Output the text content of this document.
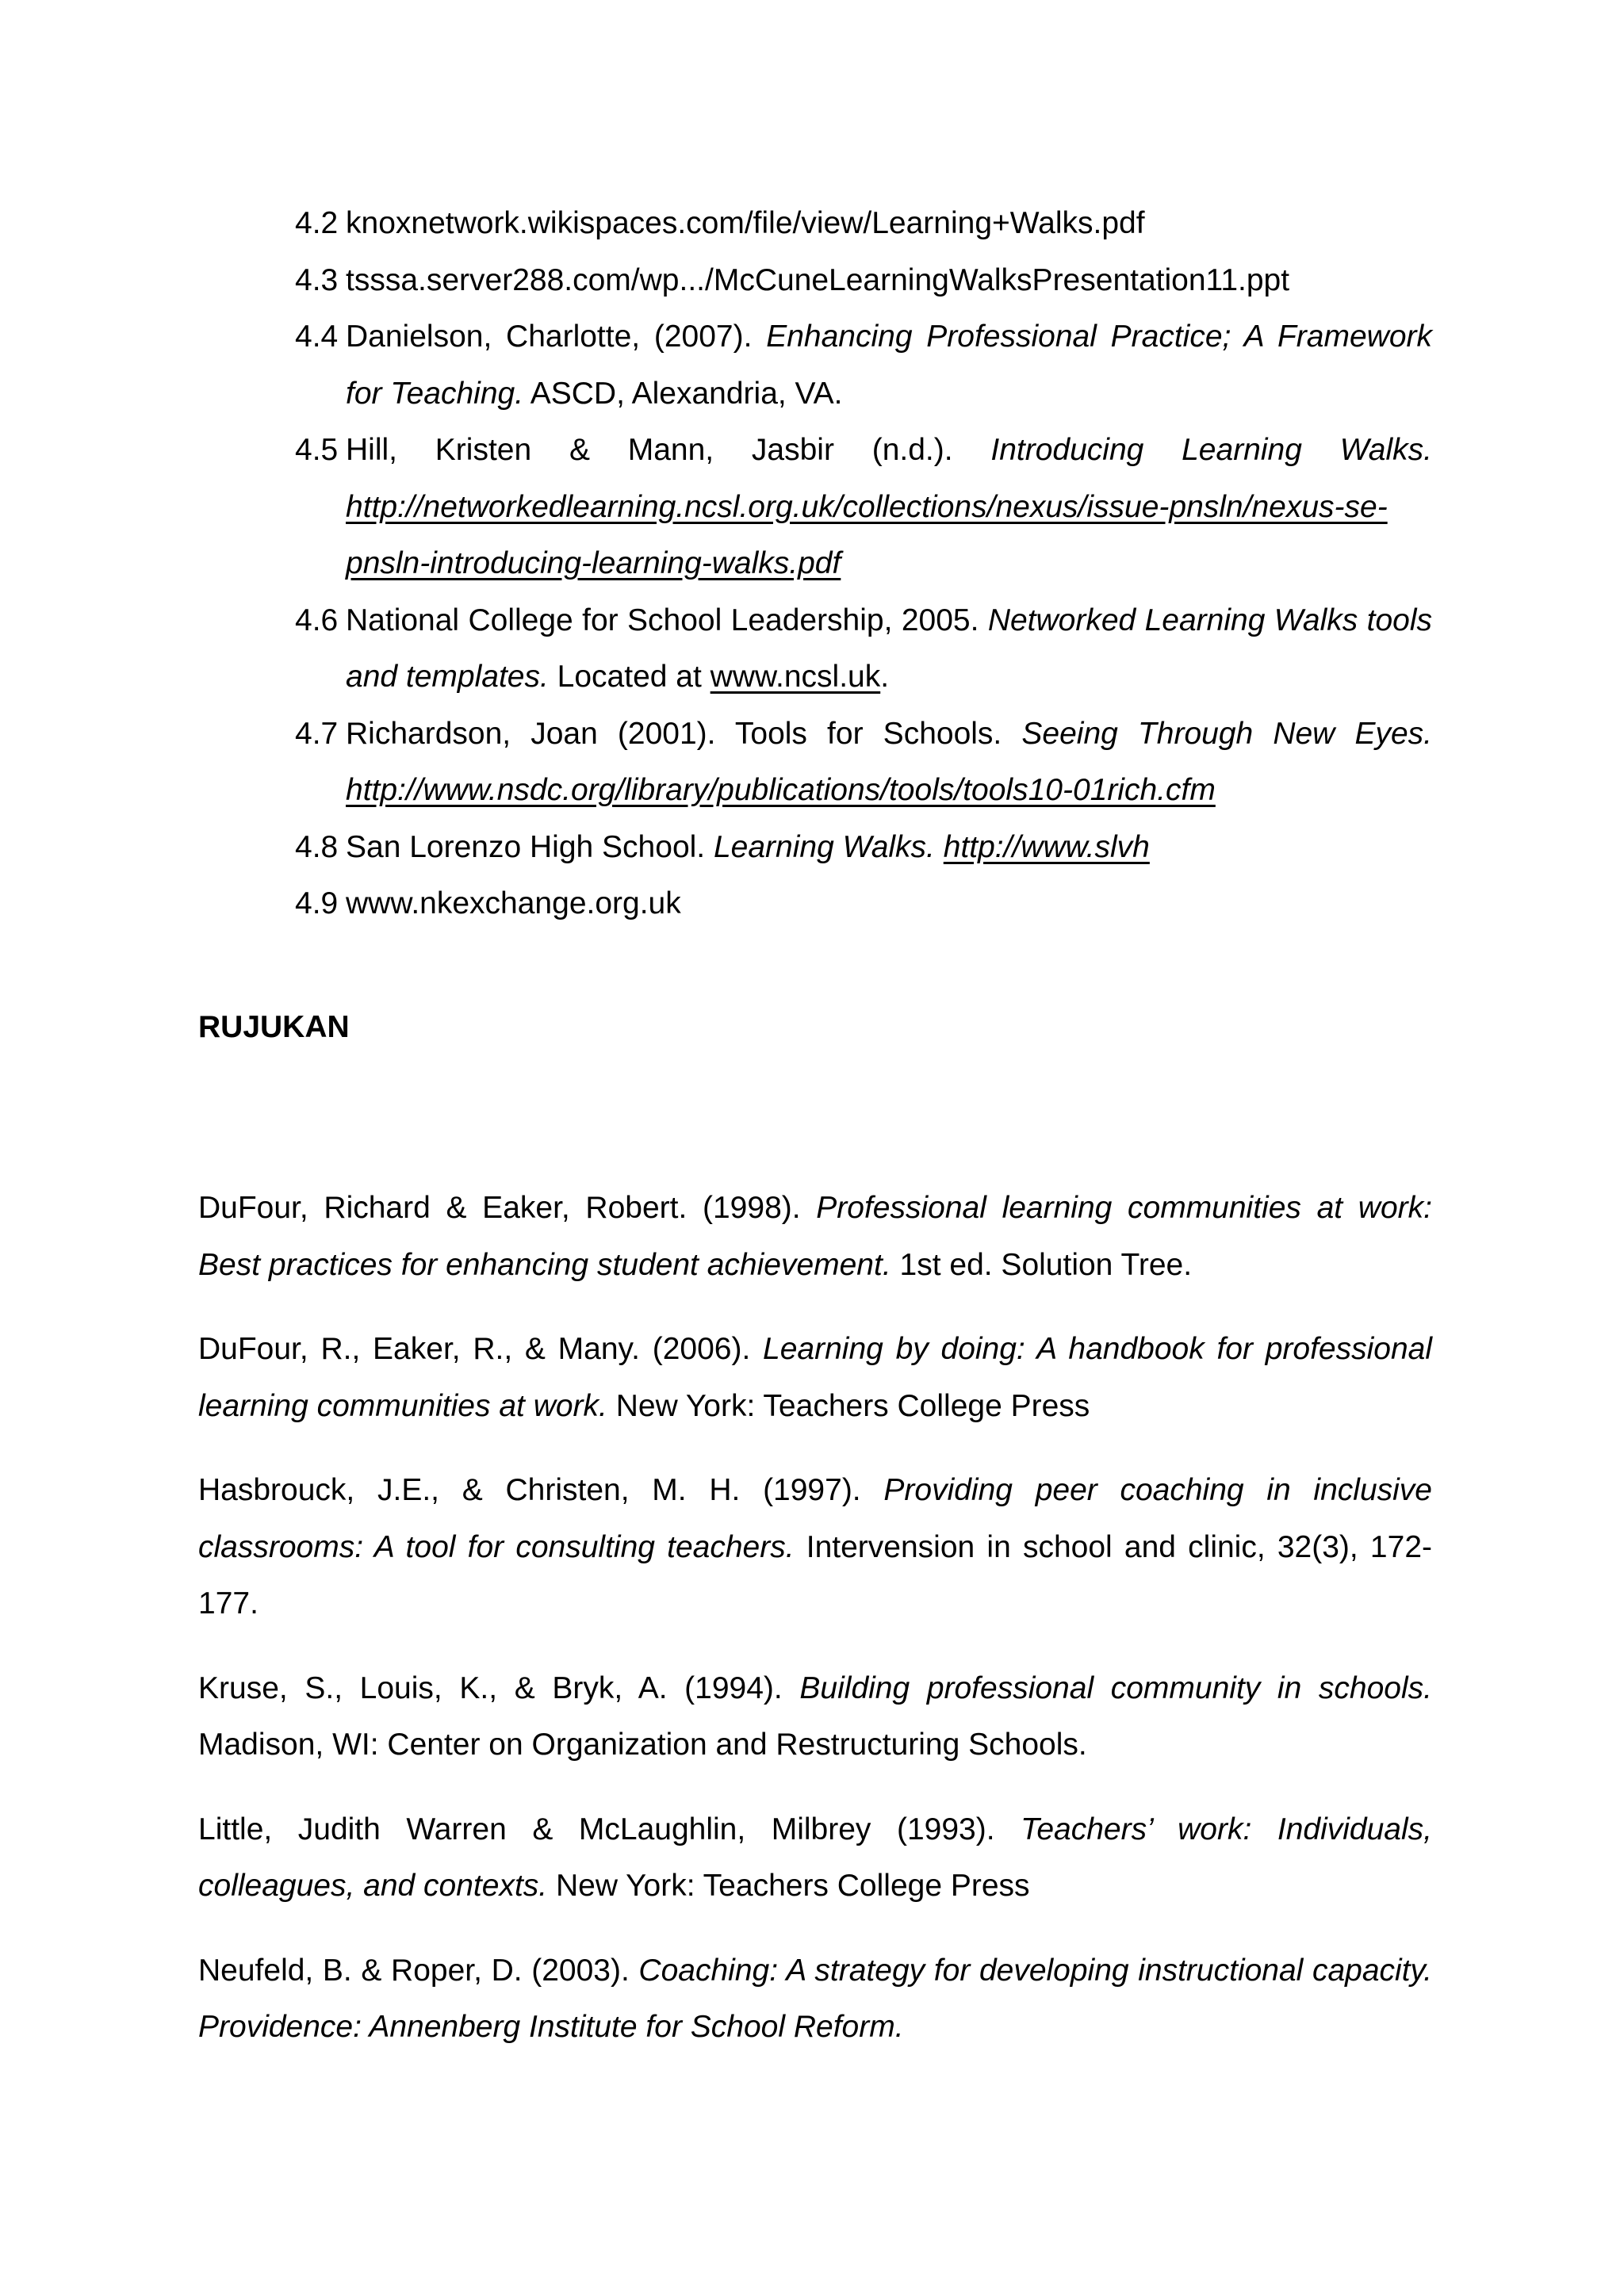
4.2 knoxnetwork.wikispaces.com/file/view/Learning+Walks.pdf
4.3 tsssa.server288.com/wp.../McCuneLearningWalksPresentation11.ppt
4.4 Danielson, Charlotte, (2007). Enhancing Professional Practice; A Framework for Teaching. ASCD, Alexandria, VA.
4.5 Hill, Kristen & Mann, Jasbir (n.d.). Introducing Learning Walks. http://networkedlearning.ncsl.org.uk/collections/nexus/issue-pnsln/nexus-se-pnsln-introducing-learning-walks.pdf
4.6 National College for School Leadership, 2005. Networked Learning Walks tools and templates. Located at www.ncsl.uk.
4.7 Richardson, Joan (2001). Tools for Schools. Seeing Through New Eyes. http://www.nsdc.org/library/publications/tools/tools10-01rich.cfm
4.8 San Lorenzo High School. Learning Walks. http://www.slvh
4.9 www.nkexchange.org.uk
RUJUKAN

DuFour, Richard & Eaker, Robert. (1998). Professional learning communities at work: Best practices for enhancing student achievement. 1st ed. Solution Tree.

DuFour, R., Eaker, R., & Many. (2006). Learning by doing: A handbook for professional learning communities at work. New York: Teachers College Press

Hasbrouck, J.E., & Christen, M. H. (1997). Providing peer coaching in inclusive classrooms: A tool for consulting teachers. Intervension in school and clinic, 32(3), 172-177.

Kruse, S., Louis, K., & Bryk, A. (1994). Building professional community in schools. Madison, WI: Center on Organization and Restructuring Schools.

Little, Judith Warren & McLaughlin, Milbrey (1993). Teachers’ work: Individuals, colleagues, and contexts. New York: Teachers College Press

Neufeld, B. & Roper, D. (2003). Coaching: A strategy for developing instructional capacity. Providence: Annenberg Institute for School Reform.
